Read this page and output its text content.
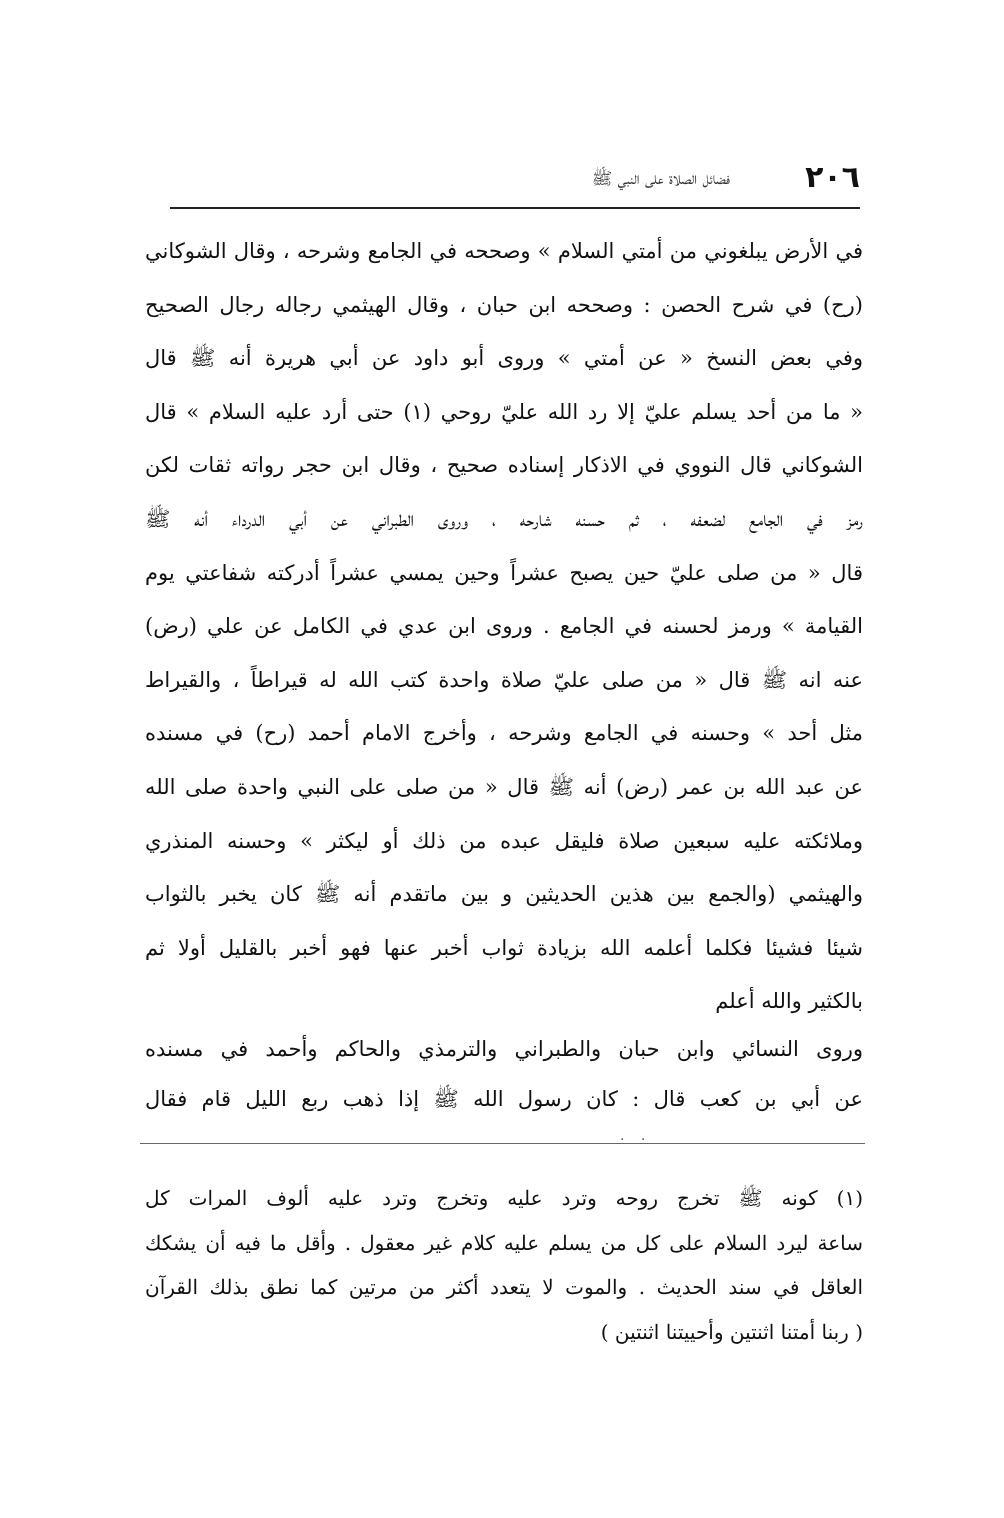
٢٠٦
فضائل الصلاة على النبي ﷺ
في الأرض يبلغوني من أمتي السلام » وصححه في الجامع وشرحه ، وقال الشوكاني
(رح) في شرح الحصن : وصححه ابن حبان ، وقال الهيثمي رجاله رجال الصحيح
وفي بعض النسخ « عن أمتي » وروى أبو داود عن أبي هريرة أنه ﷺ قال
« ما من أحد يسلم عليّ إلا رد الله عليّ روحي (١) حتى أرد عليه السلام » قال
الشوكاني قال النووي في الاذكار إسناده صحيح ، وقال ابن حجر رواته ثقات لكن
رمز في الجامع لضعفه ، ثم حسنه شارحه ، وروى الطبراني عن أبي الدرداء أنه ﷺ
قال « من صلى عليّ حين يصبح عشراً وحين يمسي عشراً أدركته شفاعتي يوم
القيامة » ورمز لحسنه في الجامع . وروى ابن عدي في الكامل عن علي (رض)
عنه انه ﷺ قال « من صلى عليّ صلاة واحدة كتب الله له قيراطاً ، والقيراط
مثل أحد » وحسنه في الجامع وشرحه ، وأخرج الامام أحمد (رح) في مسنده
عن عبد الله بن عمر (رض) أنه ﷺ قال « من صلى على النبي واحدة صلى الله
وملائكته عليه سبعين صلاة فليقل عبده من ذلك أو ليكثر » وحسنه المنذري
والهيثمي (والجمع بين هذين الحديثين و بين ماتقدم أنه ﷺ كان يخبر بالثواب
شيئا فشيئا فكلما أعلمه الله بزيادة ثواب أخبر عنها فهو أخبر بالقليل أولا ثم
بالكثير والله أعلم
وروى النسائي وابن حبان والطبراني والترمذي والحاكم وأحمد في مسنده
عن أبي بن كعب قال : كان رسول الله ﷺ إذا ذهب ربع الليل قام فقال
. .
(١) كونه ﷺ تخرج روحه وترد عليه وتخرج وترد عليه ألوف المرات كل
ساعة ليرد السلام على كل من يسلم عليه كلام غير معقول . وأقل ما فيه أن يشكك
العاقل في سند الحديث . والموت لا يتعدد أكثر من مرتين كما نطق بذلك القرآن
( ربنا أمتنا اثنتين وأحييتنا اثنتين )
